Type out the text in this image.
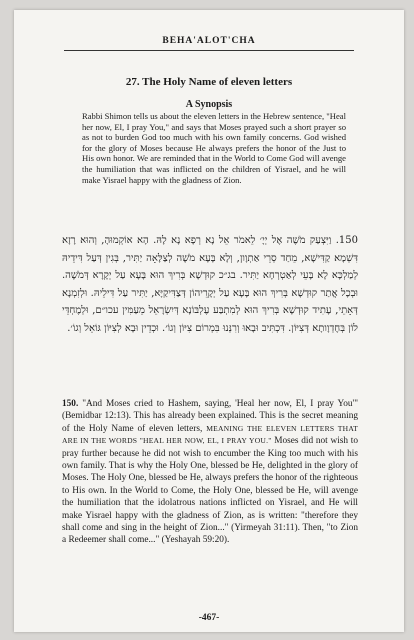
BEHA'ALOT'CHA
27. The Holy Name of eleven letters
A Synopsis

Rabbi Shimon tells us about the eleven letters in the Hebrew sentence, "Heal her now, El, I pray You," and says that Moses prayed such a short prayer so as not to burden God too much with his own family concerns. God wished for the glory of Moses because He always prefers the honor of the Just to His own honor. We are reminded that in the World to Come God will avenge the humiliation that was inflicted on the children of Yisrael, and he will make Yisrael happy with the gladness of Zion.

150. וַיִּצְעַק מֹשֶׁה אֶל יְיָ׳ לֵאמֹר אֵל נָא רְפָא נָא לָהּ. הָא אוֹקְמוּהָ, וְהוּא רָזָא דִּשְׁמָא קַדִּישָׁא, מֵחַד סְרֵי אַתְוָון, וְלָא בָּעָא מֹשֶׁה לְצַלָּאָה יַתִּיר, בְּגִין דְּעַל דִּידֵיהּ לְמַלְכָּא לָא בָּעֵי לְאַטְרְחָא יַתִּיר. בג״כ קוּדְשָׁא בְּרִיךְ הוּא בָּעָא עַל יְקָרָא דְּמֹשֶׁה. וּבְכָל אֲתַר קוּדְשָׁא בְּרִיךְ הוּא בָּעָא עַל יְקָרֵיהוֹן דְּצַדִּיקַיָּא, יַתִּיר עַל דִּילֵיהּ. וּלְזִמְנָא דְּאָתֵי, עָתִיד קוּדְשָׁא בְּרִיךְ הוּא לְמִתְבַּע עֶלְבּוֹנָא דְּיִשְׂרָאֵל מֵעַמִּין עכו״ם, וּלְמֶחְדֵּי לוֹן בְּחֶדְוָותָא דְּצִיּוֹן. דִּכְתִּיב וּבָאוּ וְרִנְּנוּ בִּמְרוֹם צִיּוֹן וְגוֹ׳. וּכְדֵין וּבָא לְצִיּוֹן גּוֹאֵל וְגוֹ׳.

150. "And Moses cried to Hashem, saying, 'Heal her now, El, I pray You'" (Bemidbar 12:13). This has already been explained. This is the secret meaning of the Holy Name of eleven letters, MEANING THE ELEVEN LETTERS THAT ARE IN THE WORDS "HEAL HER NOW, EL, I PRAY YOU." Moses did not wish to pray further because he did not wish to encumber the King too much with his own family. That is why the Holy One, blessed be He, delighted in the glory of Moses. The Holy One, blessed be He, always prefers the honor of the righteous to His own. In the World to Come, the Holy One, blessed be He, will avenge the humiliation that the idolatrous nations inflicted on Yisrael, and He will make Yisrael happy with the gladness of Zion, as is written: "therefore they shall come and sing in the height of Zion..." (Yirmeyah 31:11). Then, "to Zion a Redeemer shall come..." (Yeshayah 59:20).

-467-
